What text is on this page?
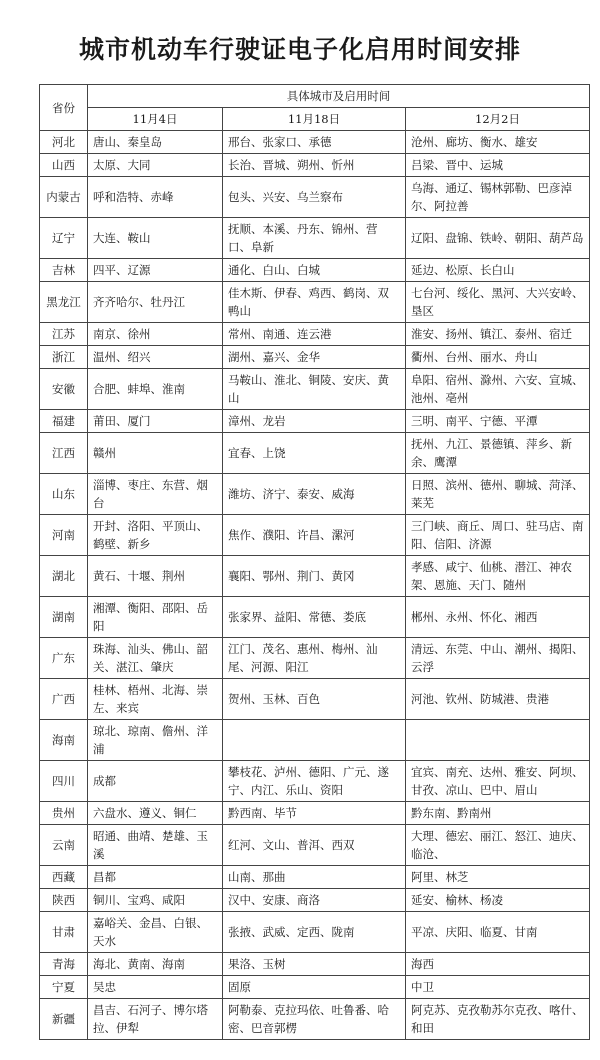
城市机动车行驶证电子化启用时间安排
省份	具体城市及启用时间		
	11月4日	11月18日	12月2日
河北	唐山、秦皇岛	邢台、张家口、承德	沧州、廊坊、衡水、雄安
山西	太原、大同	长治、晋城、朔州、忻州	吕梁、晋中、运城
内蒙古	呼和浩特、赤峰	包头、兴安、乌兰察布	乌海、通辽、锡林郭勒、巴彦淖尔、阿拉善
辽宁	大连、鞍山	抚顺、本溪、丹东、锦州、营口、阜新	辽阳、盘锦、铁岭、朝阳、葫芦岛
吉林	四平、辽源	通化、白山、白城	延边、松原、长白山
黑龙江	齐齐哈尔、牡丹江	佳木斯、伊春、鸡西、鹤岗、双鸭山	七台河、绥化、黑河、大兴安岭、垦区
江苏	南京、徐州	常州、南通、连云港	淮安、扬州、镇江、泰州、宿迁
浙江	温州、绍兴	湖州、嘉兴、金华	衢州、台州、丽水、舟山
安徽	合肥、蚌埠、淮南	马鞍山、淮北、铜陵、安庆、黄山	阜阳、宿州、滁州、六安、宣城、池州、亳州
福建	莆田、厦门	漳州、龙岩	三明、南平、宁德、平潭
江西	赣州	宜春、上饶	抚州、九江、景德镇、萍乡、新余、鹰潭
山东	淄博、枣庄、东营、烟台	潍坊、济宁、泰安、威海	日照、滨州、德州、聊城、菏泽、莱芜
河南	开封、洛阳、平顶山、鹤壁、新乡	焦作、濮阳、许昌、漯河	三门峡、商丘、周口、驻马店、南阳、信阳、济源
湖北	黄石、十堰、荆州	襄阳、鄂州、荆门、黄冈	孝感、咸宁、仙桃、潜江、神农架、恩施、天门、随州
湖南	湘潭、衡阳、邵阳、岳阳	张家界、益阳、常德、娄底	郴州、永州、怀化、湘西
广东	珠海、汕头、佛山、韶关、湛江、肇庆	江门、茂名、惠州、梅州、汕尾、河源、阳江	清远、东莞、中山、潮州、揭阳、云浮
广西	桂林、梧州、北海、崇左、来宾	贺州、玉林、百色	河池、钦州、防城港、贵港
海南	琼北、琼南、儋州、洋浦		
四川	成都	攀枝花、泸州、德阳、广元、遂宁、内江、乐山、资阳	宜宾、南充、达州、雅安、阿坝、甘孜、凉山、巴中、眉山
贵州	六盘水、遵义、铜仁	黔西南、毕节	黔东南、黔南州
云南	昭通、曲靖、楚雄、玉溪	红河、文山、普洱、西双	大理、德宏、丽江、怒江、迪庆、临沧、
西藏	昌都	山南、那曲	阿里、林芝
陕西	铜川、宝鸡、咸阳	汉中、安康、商洛	延安、榆林、杨凌
甘肃	嘉峪关、金昌、白银、天水	张掖、武威、定西、陇南	平凉、庆阳、临夏、甘南
青海	海北、黄南、海南	果洛、玉树	海西
宁夏	吴忠	固原	中卫
新疆	昌吉、石河子、博尔塔拉、伊犁	阿勒泰、克拉玛依、吐鲁番、哈密、巴音郭楞	阿克苏、克孜勒苏尔克孜、喀什、和田
